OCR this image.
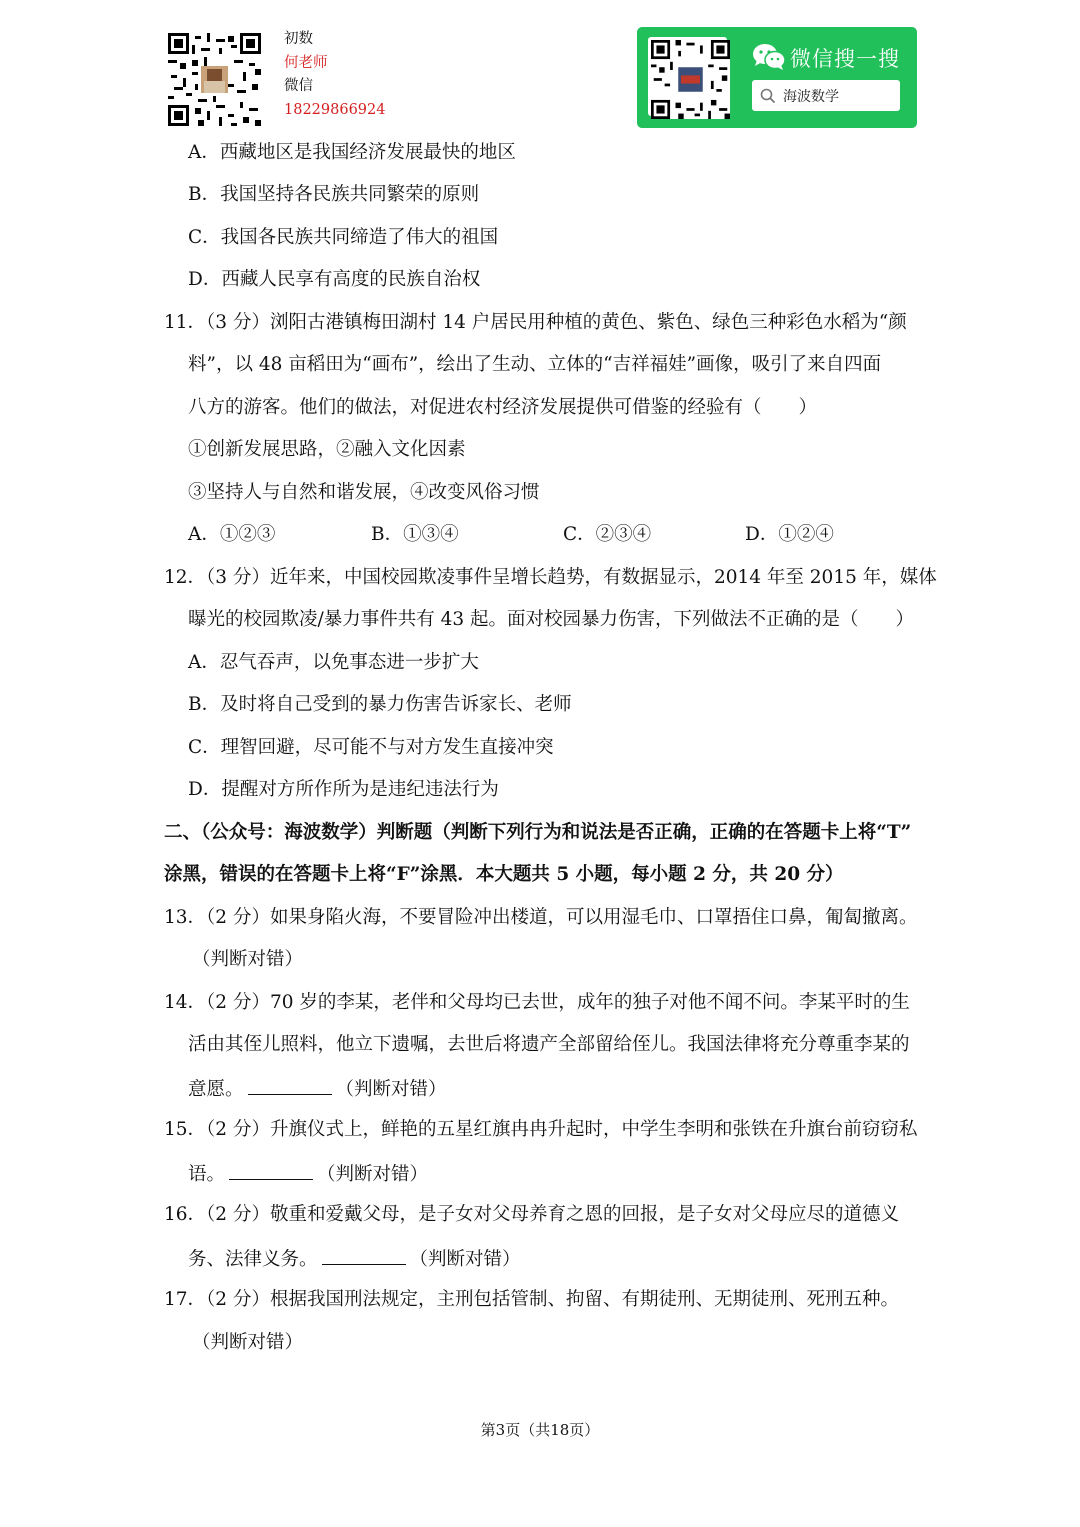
初数
何老师
微信
18229866924
微信搜一搜
海波数学
A．西藏地区是我国经济发展最快的地区
B．我国坚持各民族共同繁荣的原则
C．我国各民族共同缔造了伟大的祖国
D．西藏人民享有高度的民族自治权
11．（3 分）浏阳古港镇梅田湖村 14 户居民用种植的黄色、紫色、绿色三种彩色水稻为“颜
料”，以 48 亩稻田为“画布”，绘出了生动、立体的“吉祥福娃”画像，吸引了来自四面
八方的游客。他们的做法，对促进农村经济发展提供可借鉴的经验有（　　）
①创新发展思路，②融入文化因素
③坚持人与自然和谐发展，④改变风俗习惯
A．①②③	B．①③④	C．②③④	D．①②④
12．（3 分）近年来，中国校园欺凌事件呈增长趋势，有数据显示，2014 年至 2015 年，媒体
曝光的校园欺凌/暴力事件共有 43 起。面对校园暴力伤害，下列做法不正确的是（　　）
A．忍气吞声，以免事态进一步扩大
B．及时将自己受到的暴力伤害告诉家长、老师
C．理智回避，尽可能不与对方发生直接冲突
D．提醒对方所作所为是违纪违法行为
二、（公众号：海波数学）判断题（判断下列行为和说法是否正确，正确的在答题卡上将“T”
涂黑，错误的在答题卡上将“F”涂黑．本大题共 5 小题，每小题 2 分，共 20 分）
13．（2 分）如果身陷火海，不要冒险冲出楼道，可以用湿毛巾、口罩捂住口鼻，匍匐撤离。
（判断对错）
14．（2 分）70 岁的李某，老伴和父母均已去世，成年的独子对他不闻不问。李某平时的生
活由其侄儿照料，他立下遗嘱，去世后将遗产全部留给侄儿。我国法律将充分尊重李某的
意愿。	（判断对错）
15．（2 分）升旗仪式上，鲜艳的五星红旗冉冉升起时，中学生李明和张铁在升旗台前窃窃私
语。	（判断对错）
16．（2 分）敬重和爱戴父母，是子女对父母养育之恩的回报，是子女对父母应尽的道德义
务、法律义务。	（判断对错）
17．（2 分）根据我国刑法规定，主刑包括管制、拘留、有期徒刑、无期徒刑、死刑五种。
（判断对错）
第3页（共18页）
